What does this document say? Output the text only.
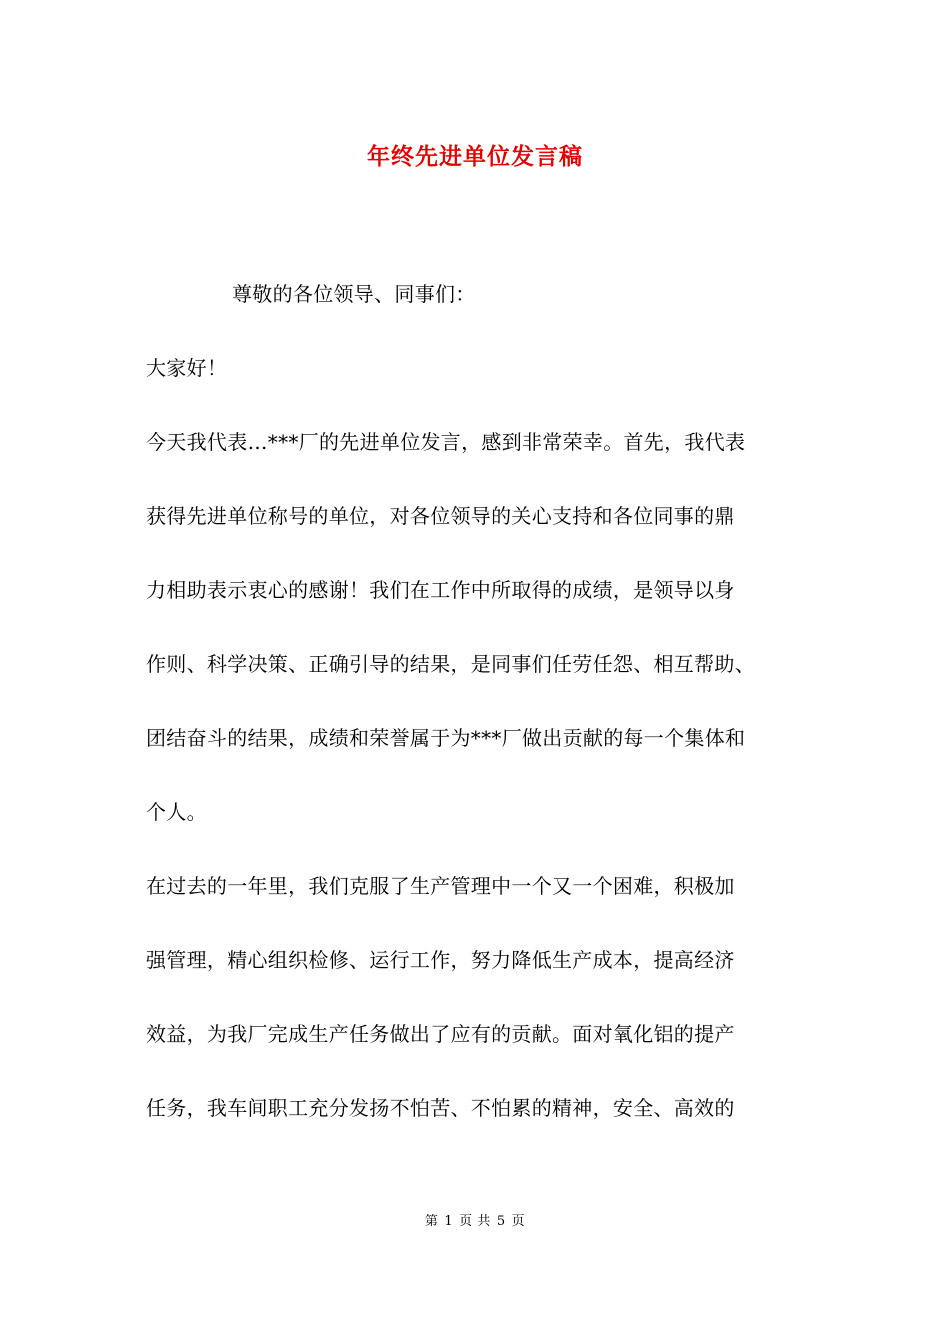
年终先进单位发言稿
尊敬的各位领导、同事们：
大家好！
今天我代表…***厂的先进单位发言，感到非常荣幸。首先，我代表
获得先进单位称号的单位，对各位领导的关心支持和各位同事的鼎
力相助表示衷心的感谢！我们在工作中所取得的成绩，是领导以身
作则、科学决策、正确引导的结果，是同事们任劳任怨、相互帮助、
团结奋斗的结果，成绩和荣誉属于为***厂做出贡献的每一个集体和
个人。
在过去的一年里，我们克服了生产管理中一个又一个困难，积极加
强管理，精心组织检修、运行工作，努力降低生产成本，提高经济
效益，为我厂完成生产任务做出了应有的贡献。面对氧化铝的提产
任务，我车间职工充分发扬不怕苦、不怕累的精神，安全、高效的
第 1 页 共 5 页
